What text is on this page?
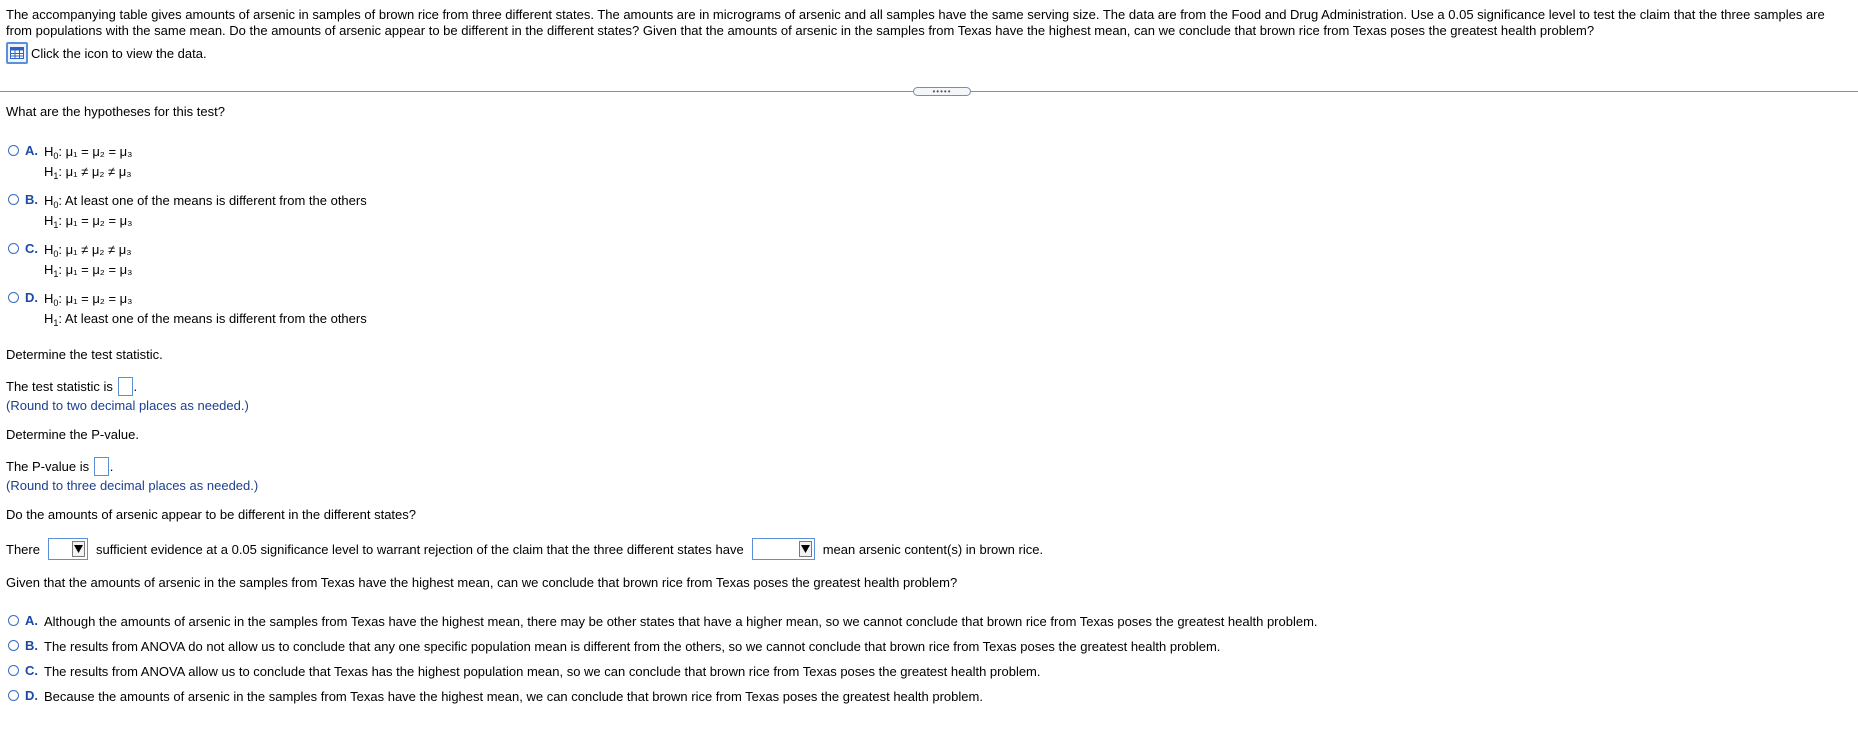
The accompanying table gives amounts of arsenic in samples of brown rice from three different states. The amounts are in micrograms of arsenic and all samples have the same serving size. The data are from the Food and Drug Administration. Use a 0.05 significance level to test the claim that the three samples are from populations with the same mean. Do the amounts of arsenic appear to be different in the different states? Given that the amounts of arsenic in the samples from Texas have the highest mean, can we conclude that brown rice from Texas poses the greatest health problem?
Click the icon to view the data.
•••••
What are the hypotheses for this test?
A. $H_0$: μ₁ = μ₂ = μ₃
$H_1$: μ₁ ≠ μ₂ ≠ μ₃
B. $H_0$: At least one of the means is different from the others
$H_1$: μ₁ = μ₂ = μ₃
C. $H_0$: μ₁ ≠ μ₂ ≠ μ₃
$H_1$: μ₁ = μ₂ = μ₃
D. $H_0$: μ₁ = μ₂ = μ₃
$H_1$: At least one of the means is different from the others
Determine the test statistic.
The test statistic is
.
(Round to two decimal places as needed.)
Determine the P-value.
The P-value is
.
(Round to three decimal places as needed.)
Do the amounts of arsenic appear to be different in the different states?
There	sufficient evidence at a 0.05 significance level to warrant rejection of the claim that the three different states have	mean arsenic content(s) in brown rice.
Given that the amounts of arsenic in the samples from Texas have the highest mean, can we conclude that brown rice from Texas poses the greatest health problem?
A. Although the amounts of arsenic in the samples from Texas have the highest mean, there may be other states that have a higher mean, so we cannot conclude that brown rice from Texas poses the greatest health problem.
B. The results from ANOVA do not allow us to conclude that any one specific population mean is different from the others, so we cannot conclude that brown rice from Texas poses the greatest health problem.
C. The results from ANOVA allow us to conclude that Texas has the highest population mean, so we can conclude that brown rice from Texas poses the greatest health problem.
D. Because the amounts of arsenic in the samples from Texas have the highest mean, we can conclude that brown rice from Texas poses the greatest health problem.
